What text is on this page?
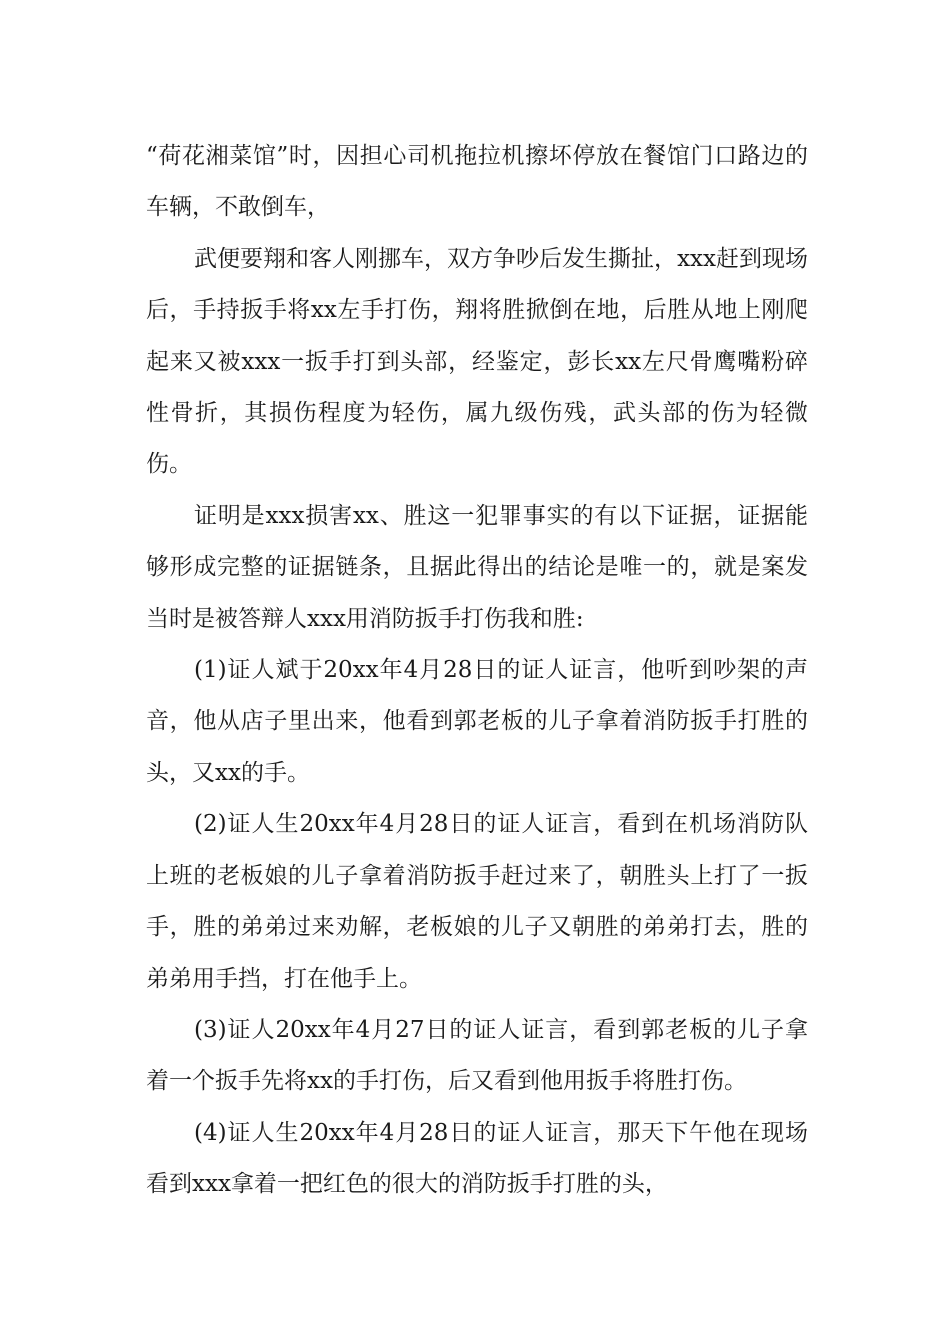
“荷花湘菜馆”时，因担心司机拖拉机擦坏停放在餐馆门口路边的车辆，不敢倒车，

武便要翔和客人刚挪车，双方争吵后发生撕扯，xxx赶到现场后，手持扳手将xx左手打伤，翔将胜掀倒在地，后胜从地上刚爬起来又被xxx一扳手打到头部，经鉴定，彭长xx左尺骨鹰嘴粉碎性骨折，其损伤程度为轻伤，属九级伤残，武头部的伤为轻微伤。

证明是xxx损害xx、胜这一犯罪事实的有以下证据，证据能够形成完整的证据链条，且据此得出的结论是唯一的，就是案发当时是被答辩人xxx用消防扳手打伤我和胜:

(1)证人斌于20xx年4月28日的证人证言，他听到吵架的声音，他从店子里出来，他看到郭老板的儿子拿着消防扳手打胜的头，又xx的手。

(2)证人生20xx年4月28日的证人证言，看到在机场消防队上班的老板娘的儿子拿着消防扳手赶过来了，朝胜头上打了一扳手，胜的弟弟过来劝解，老板娘的儿子又朝胜的弟弟打去，胜的弟弟用手挡，打在他手上。

(3)证人20xx年4月27日的证人证言，看到郭老板的儿子拿着一个扳手先将xx的手打伤，后又看到他用扳手将胜打伤。

(4)证人生20xx年4月28日的证人证言，那天下午他在现场看到xxx拿着一把红色的很大的消防扳手打胜的头，
